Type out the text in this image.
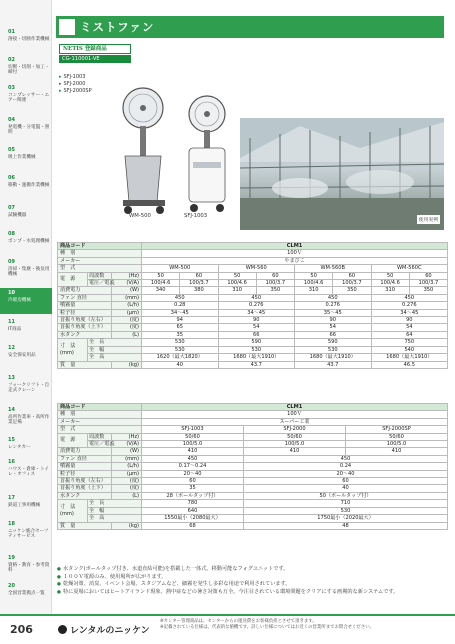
01
溶接・切断作業機械
02
切断・切削・加工・締付
03
コンプレッサー・エアー関連
04
発電機・分電盤・照明
05
吸上作業機械
06
移動・運搬作業機械
07
試験機器
08
ポンプ・水処理機械
09
清掃・集塵・換気用機械
10
冷暖房機械
11
IT商品
12
安全保安用品
13
フォークリフト・自走式クレーン
14
高所作業車・高所作業足場
15
レンタカー
16
ハウス・倉庫・トイレ・オフィス
17
鉄道工事用機械
18
ニッケン総合セーフティサービス
19
資格・教育・参考資料
20
全国営業拠点一覧
ミストファン
NETIS 登録商品
CG-110001-VE
▸ SFJ-1003
▸ SFJ-2000
▸ SFJ-2000SP
WM-500	SFJ-1003
使用実例
商品コード			CLM1							
種　別			100Ｖ							
メーカー			やまびこ							
型　式			WM-500		WM-560		WM-560B		WM-560C	
電　源	周波数	(Hz)	50	60	50	60	50	60	50	60
	電圧／電流	(V/A)	100/4.6	100/3.7	100/4.6	100/3.7	100/4.6	100/3.7	100/4.6	100/3.7
消費電力		(W)	340	380	310	350	310	350	310	350
ファン 直径		(mm)	450		450		450		450	
噴霧量		(L/h)	0.28		0.276		0.276		0.276	
粒子径		(μm)	34〜45		34〜45		35〜45		34〜45	
首振り角度（左右）		(度)	94		90		90		90	
首振り角度（上下）		(度)	65		54		54		54	
水タンク		(L)	35		66		66		64	
寸　法
(mm)	全　長		530		590		590		750	
	全　幅		530		530		530		540	
	全　高		1620（最大1820）		1680（最大1910）		1680（最大1910）		1680（最大1910）	
質　量		(kg)	40		43.7		43.7		46.5	
商品コード			CLM1		
種　別			100Ｖ		
メーカー			スーパー工業		
型　式			SFJ-1003	SFJ-2000	SFJ-2000SP
電　源	周波数	(Hz)	50/60	50/60	50/60
	電圧／電流	(V/A)	100/5.0	100/5.0	100/5.0
消費電力		(W)	410	410	410
ファン 直径		(mm)	450	450	
噴霧量		(L/h)	0.17〜0.24	0.24	
粒子径		(μm)	20〜40	20〜40	
首振り角度（左右）		(度)	60	60	
首振り角度（上下）		(度)	35	40	
水タンク		(L)	28（ポールタップ付）	50（ポールタップ付）	
寸　法
(mm)	全　長		780	710	
	全　幅		640	530	
	全　高		1550最小（2080最大）	1750最小（2020最大）	
質　量		(kg)	68	48	
● 水タンク(ボールタップ付き、水道直結可能)を搭載した一体式。移動可能なフォグユニットです。
● １００Ｖ電源のみ、使用場所が広がります。
● 乾燥対策、消臭、イベント会場、スタジアムなど、細霧を発生し多彩な用途で利用されています。
● 特に夏場においてはヒートアイランド現象、熱中症などの暑さ対策も万全。今注目されている環境問題をクリアにする画期的な新システムです。
206	レンタルのニッケン
※カンター管理商品は、センターからの運送費をお客様負担とさせて頂きます。
※記載されている仕様は、代表的な値機です。詳しい仕様についてはお近くの営業所までお問合せください。
